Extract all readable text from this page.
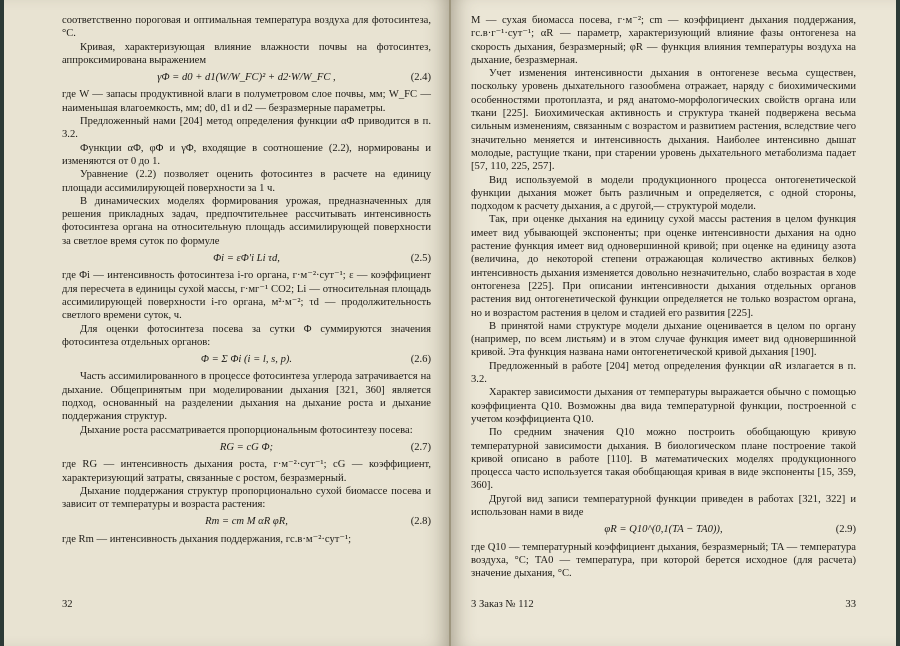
соответственно пороговая и оптимальная температура воздуха для фотосинтеза, °С.

Кривая, характеризующая влияние влажности почвы на фотосинтез, аппроксимирована выражением

γΦ = d0 + d1(W/W_FC)² + d2·W/W_FC ,	(2.4)

где W — запасы продуктивной влаги в полуметровом слое почвы, мм; W_FC — наименьшая влагоемкость, мм; d0, d1 и d2 — безразмерные параметры.

Предложенный нами [204] метод определения функции αΦ приводится в п. 3.2.

Функции αΦ, φΦ и γΦ, входящие в соотношение (2.2), нормированы и изменяются от 0 до 1.

Уравнение (2.2) позволяет оценить фотосинтез в расчете на единицу площади ассимилирующей поверхности за 1 ч.

В динамических моделях формирования урожая, предназначенных для решения прикладных задач, предпочтительнее рассчитывать интенсивность фотосинтеза органа на относительную площадь ассимилирующей поверхности за светлое время суток по формуле

Φi = εΦ′i Li τd,	(2.5)

где Φi — интенсивность фотосинтеза i-го органа, г·м⁻²·сут⁻¹; ε — коэффициент для пересчета в единицы сухой массы, г·мг⁻¹ CO2; Li — относительная площадь ассимилирующей поверхности i-го органа, м²·м⁻²; τd — продолжительность светлого времени суток, ч.

Для оценки фотосинтеза посева за сутки Φ суммируются значения фотосинтеза отдельных органов:

Φ = Σ Φi (i = l, s, p).	(2.6)

Часть ассимилированного в процессе фотосинтеза углерода затрачивается на дыхание. Общепринятым при моделировании дыхания [321, 360] является подход, основанный на разделении дыхания на дыхание роста и дыхание поддержания структур.

Дыхание роста рассматривается пропорциональным фотосинтезу посева:

RG = cG Φ;	(2.7)

где RG — интенсивность дыхания роста, г·м⁻²·сут⁻¹; cG — коэффициент, характеризующий затраты, связанные с ростом, безразмерный.

Дыхание поддержания структур пропорционально сухой биомассе посева и зависит от температуры и возраста растения:

Rm = cm M αR φR,	(2.8)

где Rm — интенсивность дыхания поддержания, гс.в·м⁻²·сут⁻¹;

32

M — сухая биомасса посева, г·м⁻²; cm — коэффициент дыхания поддержания, гс.в·г⁻¹·сут⁻¹; αR — параметр, характеризующий влияние фазы онтогенеза на скорость дыхания, безразмерный; φR — функция влияния температуры воздуха на дыхание, безразмерная.

Учет изменения интенсивности дыхания в онтогенезе весьма существен, поскольку уровень дыхательного газообмена отражает, наряду с биохимическими особенностями протоплазта, и ряд анатомо-морфологических свойств органа или ткани [225]. Биохимическая активность и структура тканей подвержена весьма сильным изменениям, связанным с возрастом и развитием растения, вследствие чего значительно меняется и интенсивность дыхания. Наиболее интенсивно дышат молодые, растущие ткани, при старении уровень дыхательного метаболизма падает [57, 110, 225, 257].

Вид используемой в модели продукционного процесса онтогенетической функции дыхания может быть различным и определяется, с одной стороны, подходом к расчету дыхания, а с другой,— структурой модели.

Так, при оценке дыхания на единицу сухой массы растения в целом функция имеет вид убывающей экспоненты; при оценке интенсивности дыхания на одно растение функция имеет вид одновершинной кривой; при оценке на единицу азота (величина, до некоторой степени отражающая количество активных белков) интенсивность дыхания изменяется довольно незначительно, слабо возрастая в ходе онтогенеза [225]. При описании интенсивности дыхания отдельных органов растения вид онтогенетической функции определяется не только возрастом органа, но и возрастом растения в целом и стадией его развития [225].

В принятой нами структуре модели дыхание оценивается в целом по органу (например, по всем листьям) и в этом случае функция имеет вид одновершинной кривой. Эта функция названа нами онтогенетической кривой дыхания [190].

Предложенный в работе [204] метод определения функции αR излагается в п. 3.2.

Характер зависимости дыхания от температуры выражается обычно с помощью коэффициента Q10. Возможны два вида температурной функции, построенной с учетом коэффициента Q10.

По средним значения Q10 можно построить обобщающую кривую температурной зависимости дыхания. В биологическом плане построение такой кривой описано в работе [110]. В математических моделях продукционного процесса часто используется такая обобщающая кривая в виде экспоненты [15, 359, 360].

Другой вид записи температурной функции приведен в работах [321, 322] и использован нами в виде

φR = Q10^(0,1(TA − TA0)),	(2.9)

где Q10 — температурный коэффициент дыхания, безразмерный; TA — температура воздуха, °С; TA0 — температура, при которой берется исходное (для расчета) значение дыхания, °С.

3 Заказ № 112	33
